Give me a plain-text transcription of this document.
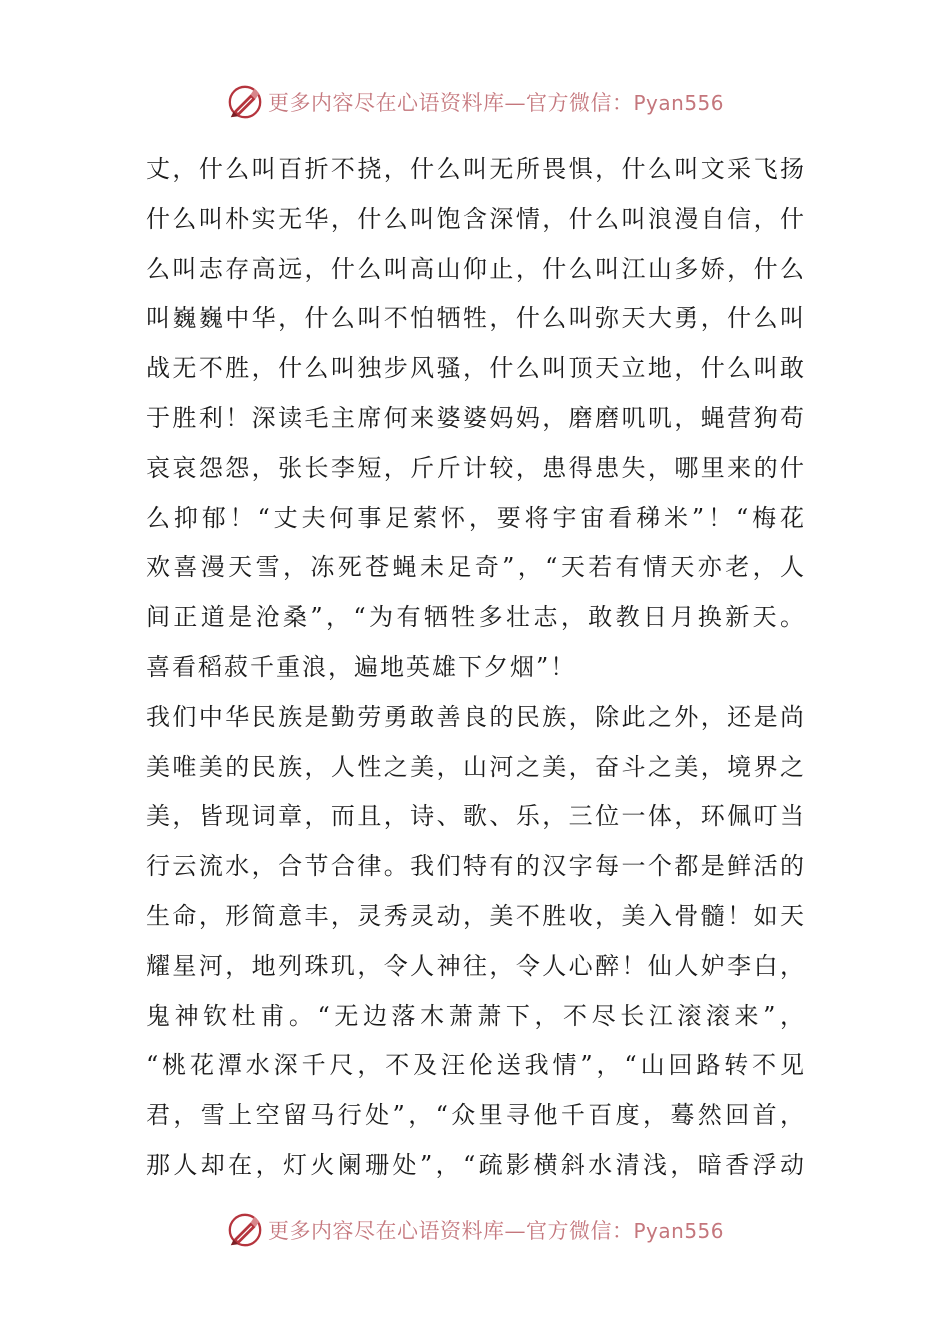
更多内容尽在心语资料库—官方微信：Pyan556
丈，什么叫百折不挠，什么叫无所畏惧，什么叫文采飞扬
什么叫朴实无华，什么叫饱含深情，什么叫浪漫自信，什
么叫志存高远，什么叫高山仰止，什么叫江山多娇，什么
叫巍巍中华，什么叫不怕牺牲，什么叫弥天大勇，什么叫
战无不胜，什么叫独步风骚，什么叫顶天立地，什么叫敢
于胜利！深读毛主席何来婆婆妈妈，磨磨叽叽，蝇营狗苟
哀哀怨怨，张长李短，斤斤计较，患得患失，哪里来的什
么抑郁！“丈夫何事足萦怀，要将宇宙看稊米”！“梅花
欢喜漫天雪，冻死苍蝇未足奇”，“天若有情天亦老，人
间正道是沧桑”，“为有牺牲多壮志，敢教日月换新天。
喜看稻菽千重浪，遍地英雄下夕烟”！
我们中华民族是勤劳勇敢善良的民族，除此之外，还是尚
美唯美的民族，人性之美，山河之美，奋斗之美，境界之
美，皆现词章，而且，诗、歌、乐，三位一体，环佩叮当
行云流水，合节合律。我们特有的汉字每一个都是鲜活的
生命，形简意丰，灵秀灵动，美不胜收，美入骨髓！如天
耀星河，地列珠玑，令人神往，令人心醉！仙人妒李白，
鬼神钦杜甫。“无边落木萧萧下，不尽长江滚滚来”，
“桃花潭水深千尺，不及汪伦送我情”，“山回路转不见
君，雪上空留马行处”，“众里寻他千百度，蓦然回首，
那人却在，灯火阑珊处”，“疏影横斜水清浅，暗香浮动
更多内容尽在心语资料库—官方微信：Pyan556
